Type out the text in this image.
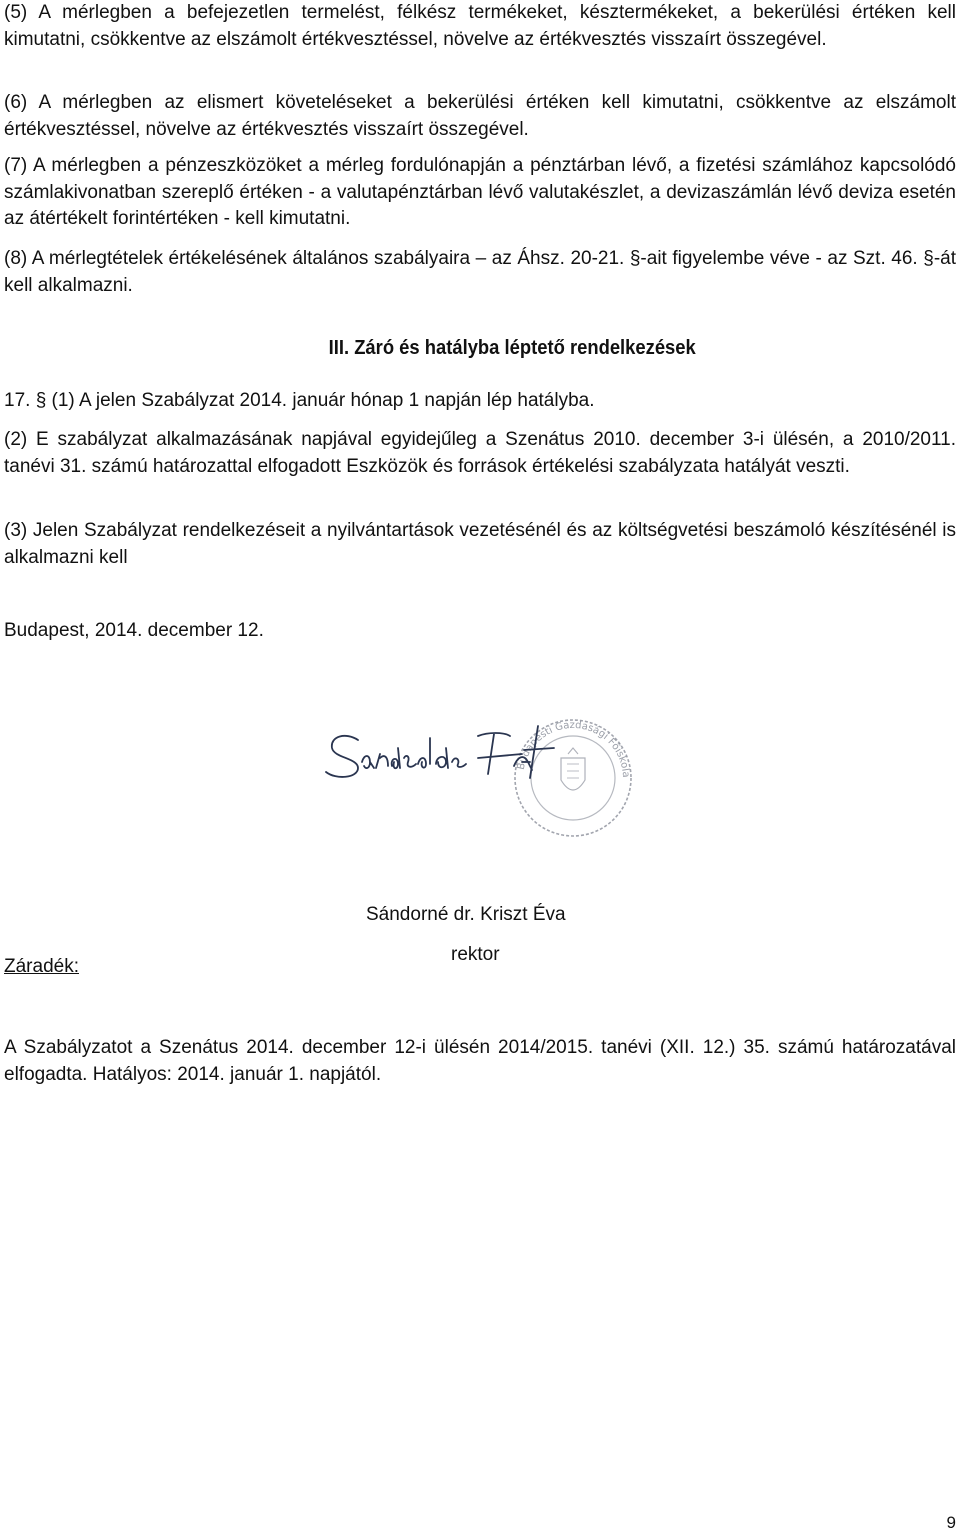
(5) A mérlegben a befejezetlen termelést, félkész termékeket, késztermékeket, a bekerülési értéken kell kimutatni, csökkentve az elszámolt értékvesztéssel, növelve az értékvesztés visszaírt összegével.

(6) A mérlegben az elismert követeléseket a bekerülési értéken kell kimutatni, csökkentve az elszámolt értékvesztéssel, növelve az értékvesztés visszaírt összegével.

(7) A mérlegben a pénzeszközöket a mérleg fordulónapján a pénztárban lévő, a fizetési számlához kapcsolódó számlakivonatban szereplő értéken - a valutapénztárban lévő valutakészlet, a devizaszámlán lévő deviza esetén az átértékelt forintértéken - kell kimutatni.

(8) A mérlegtételek értékelésének általános szabályaira – az Áhsz. 20-21. §-ait figyelembe véve - az Szt. 46. §-át kell alkalmazni.

III. Záró és hatályba léptető rendelkezések

17. § (1) A jelen Szabályzat 2014. január hónap 1 napján lép hatályba.

(2) E szabályzat alkalmazásának napjával egyidejűleg a Szenátus 2010. december 3-i ülésén, a 2010/2011. tanévi 31. számú határozattal elfogadott Eszközök és források értékelési szabályzata hatályát veszti.

(3) Jelen Szabályzat rendelkezéseit a nyilvántartások vezetésénél és az költségvetési beszámoló készítésénél is alkalmazni kell

Budapest, 2014. december 12.

Budapesti Gazdasági Főiskola

Sándorné dr. Kriszt Éva

rektor

Záradék:

A Szabályzatot a Szenátus 2014. december 12-i ülésén 2014/2015. tanévi (XII. 12.) 35. számú határozatával elfogadta. Hatályos: 2014. január 1. napjától.

9
